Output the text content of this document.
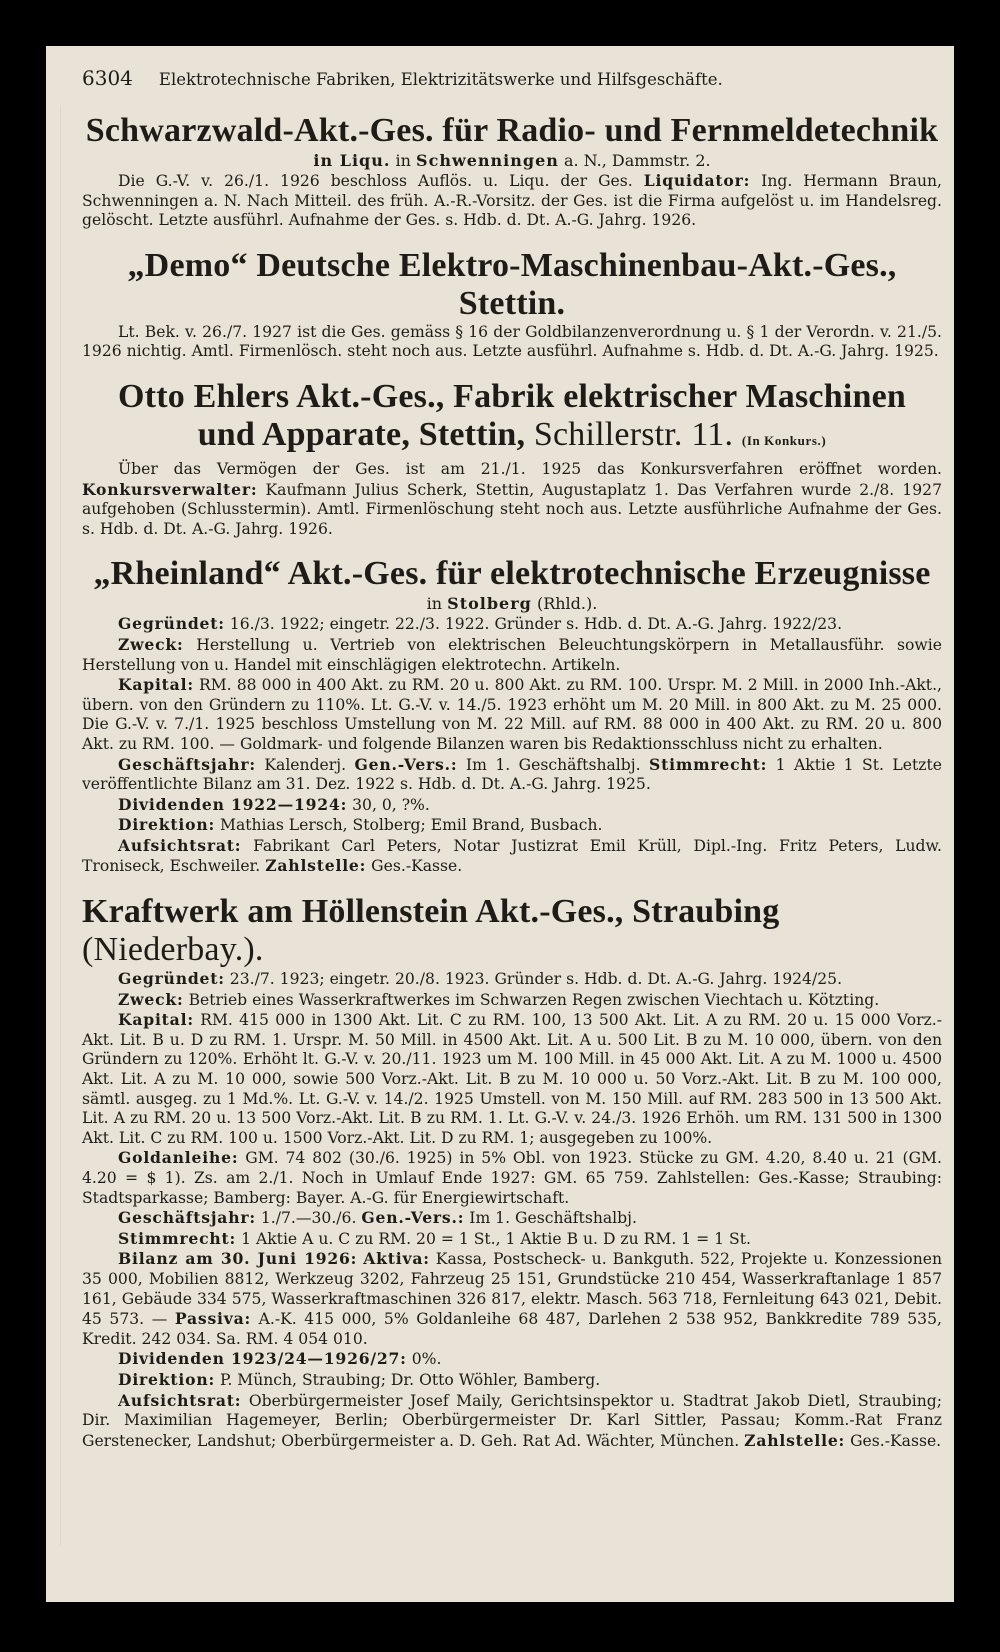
6304 Elektrotechnische Fabriken, Elektrizitätswerke und Hilfsgeschäfte.
Schwarzwald-Akt.-Ges. für Radio- und Fernmeldetechnik
in Liqu. in Schwenningen a. N., Dammstr. 2.

Die G.-V. v. 26./1. 1926 beschloss Auflös. u. Liqu. der Ges. Liquidator: Ing. Hermann Braun, Schwenningen a. N. Nach Mitteil. des früh. A.-R.-Vorsitz. der Ges. ist die Firma aufgelöst u. im Handelsreg. gelöscht. Letzte ausführl. Aufnahme der Ges. s. Hdb. d. Dt. A.-G. Jahrg. 1926.

„Demo“ Deutsche Elektro-Maschinenbau-Akt.-Ges., Stettin.

Lt. Bek. v. 26./7. 1927 ist die Ges. gemäss § 16 der Goldbilanzenverordnung u. § 1 der Verordn. v. 21./5. 1926 nichtig. Amtl. Firmenlösch. steht noch aus. Letzte ausführl. Aufnahme s. Hdb. d. Dt. A.-G. Jahrg. 1925.

Otto Ehlers Akt.-Ges., Fabrik elektrischer Maschinen
und Apparate, Stettin, Schillerstr. 11. (In Konkurs.)

Über das Vermögen der Ges. ist am 21./1. 1925 das Konkursverfahren eröffnet worden. Konkursverwalter: Kaufmann Julius Scherk, Stettin, Augustaplatz 1. Das Verfahren wurde 2./8. 1927 aufgehoben (Schlusstermin). Amtl. Firmenlöschung steht noch aus. Letzte ausführliche Aufnahme der Ges. s. Hdb. d. Dt. A.-G. Jahrg. 1926.

„Rheinland“ Akt.-Ges. für elektrotechnische Erzeugnisse
in Stolberg (Rhld.).

Gegründet: 16./3. 1922; eingetr. 22./3. 1922. Gründer s. Hdb. d. Dt. A.-G. Jahrg. 1922/23.

Zweck: Herstellung u. Vertrieb von elektrischen Beleuchtungskörpern in Metallausführ. sowie Herstellung von u. Handel mit einschlägigen elektrotechn. Artikeln.

Kapital: RM. 88 000 in 400 Akt. zu RM. 20 u. 800 Akt. zu RM. 100. Urspr. M. 2 Mill. in 2000 Inh.-Akt., übern. von den Gründern zu 110%. Lt. G.-V. v. 14./5. 1923 erhöht um M. 20 Mill. in 800 Akt. zu M. 25 000. Die G.-V. v. 7./1. 1925 beschloss Umstellung von M. 22 Mill. auf RM. 88 000 in 400 Akt. zu RM. 20 u. 800 Akt. zu RM. 100. — Goldmark- und folgende Bilanzen waren bis Redaktionsschluss nicht zu erhalten.

Geschäftsjahr: Kalenderj. Gen.-Vers.: Im 1. Geschäftshalbj. Stimmrecht: 1 Aktie 1 St. Letzte veröffentlichte Bilanz am 31. Dez. 1922 s. Hdb. d. Dt. A.-G. Jahrg. 1925.

Dividenden 1922—1924: 30, 0, ?%.

Direktion: Mathias Lersch, Stolberg; Emil Brand, Busbach.

Aufsichtsrat: Fabrikant Carl Peters, Notar Justizrat Emil Krüll, Dipl.-Ing. Fritz Peters, Ludw. Troniseck, Eschweiler. Zahlstelle: Ges.-Kasse.

Kraftwerk am Höllenstein Akt.-Ges., Straubing (Niederbay.).

Gegründet: 23./7. 1923; eingetr. 20./8. 1923. Gründer s. Hdb. d. Dt. A.-G. Jahrg. 1924/25.

Zweck: Betrieb eines Wasserkraftwerkes im Schwarzen Regen zwischen Viechtach u. Kötzting.

Kapital: RM. 415 000 in 1300 Akt. Lit. C zu RM. 100, 13 500 Akt. Lit. A zu RM. 20 u. 15 000 Vorz.-Akt. Lit. B u. D zu RM. 1. Urspr. M. 50 Mill. in 4500 Akt. Lit. A u. 500 Lit. B zu M. 10 000, übern. von den Gründern zu 120%. Erhöht lt. G.-V. v. 20./11. 1923 um M. 100 Mill. in 45 000 Akt. Lit. A zu M. 1000 u. 4500 Akt. Lit. A zu M. 10 000, sowie 500 Vorz.-Akt. Lit. B zu M. 10 000 u. 50 Vorz.-Akt. Lit. B zu M. 100 000, sämtl. ausgeg. zu 1 Md.%. Lt. G.-V. v. 14./2. 1925 Umstell. von M. 150 Mill. auf RM. 283 500 in 13 500 Akt. Lit. A zu RM. 20 u. 13 500 Vorz.-Akt. Lit. B zu RM. 1. Lt. G.-V. v. 24./3. 1926 Erhöh. um RM. 131 500 in 1300 Akt. Lit. C zu RM. 100 u. 1500 Vorz.-Akt. Lit. D zu RM. 1; ausgegeben zu 100%.

Goldanleihe: GM. 74 802 (30./6. 1925) in 5% Obl. von 1923. Stücke zu GM. 4.20, 8.40 u. 21 (GM. 4.20 = $ 1). Zs. am 2./1. Noch in Umlauf Ende 1927: GM. 65 759. Zahlstellen: Ges.-Kasse; Straubing: Stadtsparkasse; Bamberg: Bayer. A.-G. für Energiewirtschaft.

Geschäftsjahr: 1./7.—30./6. Gen.-Vers.: Im 1. Geschäftshalbj.

Stimmrecht: 1 Aktie A u. C zu RM. 20 = 1 St., 1 Aktie B u. D zu RM. 1 = 1 St.

Bilanz am 30. Juni 1926: Aktiva: Kassa, Postscheck- u. Bankguth. 522, Projekte u. Konzessionen 35 000, Mobilien 8812, Werkzeug 3202, Fahrzeug 25 151, Grundstücke 210 454, Wasserkraftanlage 1 857 161, Gebäude 334 575, Wasserkraftmaschinen 326 817, elektr. Masch. 563 718, Fernleitung 643 021, Debit. 45 573. — Passiva: A.-K. 415 000, 5% Goldanleihe 68 487, Darlehen 2 538 952, Bankkredite 789 535, Kredit. 242 034. Sa. RM. 4 054 010.

Dividenden 1923/24—1926/27: 0%.

Direktion: P. Münch, Straubing; Dr. Otto Wöhler, Bamberg.

Aufsichtsrat: Oberbürgermeister Josef Maily, Gerichtsinspektor u. Stadtrat Jakob Dietl, Straubing; Dir. Maximilian Hagemeyer, Berlin; Oberbürgermeister Dr. Karl Sittler, Passau; Komm.-Rat Franz Gerstenecker, Landshut; Oberbürgermeister a. D. Geh. Rat Ad. Wächter, München. Zahlstelle: Ges.-Kasse.
